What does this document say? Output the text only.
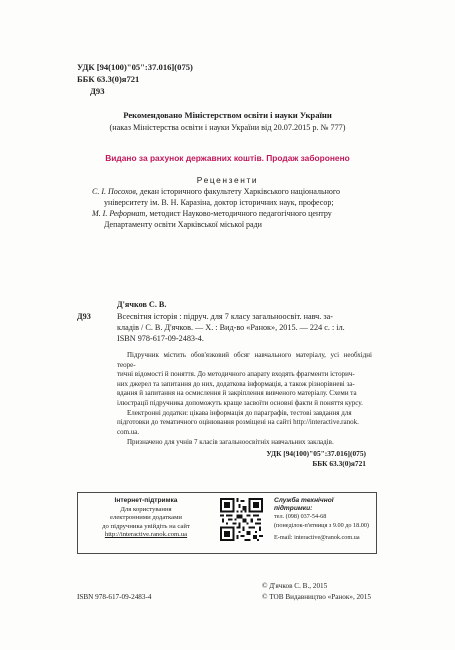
УДК [94(100)"05":37.016](075)
ББК 63.3(0)я721
Д93
Рекомендовано Міністерством освіти і науки України
(наказ Міністерства освіти і науки України від 20.07.2015 р. № 777)
Видано за рахунок державних коштів. Продаж заборонено
Рецензенти
С. І. Посохов, декан історичного факультету Харківського національного
університету ім. В. Н. Каразіна, доктор історичних наук, професор;
М. І. Реформат, методист Науково-методичного педагогічного центру
Департаменту освіти Харківської міської ради
Д'ячков С. В.
Д93	Всесвітня історія : підруч. для 7 класу загальноосвіт. навч. за-
кладів / С. В. Д'ячков. — Х. : Вид-во «Ранок», 2015. — 224 с. : іл.
ISBN 978-617-09-2483-4.
Підручник містить обов'язковий обсяг навчального матеріалу, усі необхідні теоре-
тичні відомості й поняття. До методичного апарату входять фрагменти історич-
них джерел та запитання до них, додаткова інформація, а також різнорівневі за-
вдання й запитання на осмислення й закріплення вивченого матеріалу. Схеми та
ілюстрації підручника допоможуть краще засвоїти основні факти й поняття курсу.
Електронні додатки: цікава інформація до параграфів, тестові завдання для
підготовки до тематичного оцінювання розміщені на сайті http://interactive.ranok.
com.ua.
Призначено для учнів 7 класів загальноосвітніх навчальних закладів.
УДК [94(100)"05":37.016](075)
ББК 63.3(0)я721
Інтернет-підтримка
Для користування
електронними додатками
до підручника увійдіть на сайт
http://interactive.ranok.com.ua
Служба технічної підтримки:
тел. (098) 037-54-68
(понеділок-п'ятниця з 9.00 до 18.00)
E-mail: interactive@ranok.com.ua
ISBN 978-617-09-2483-4
© Д'ячков С. В., 2015
© ТОВ Видавництво «Ранок», 2015
